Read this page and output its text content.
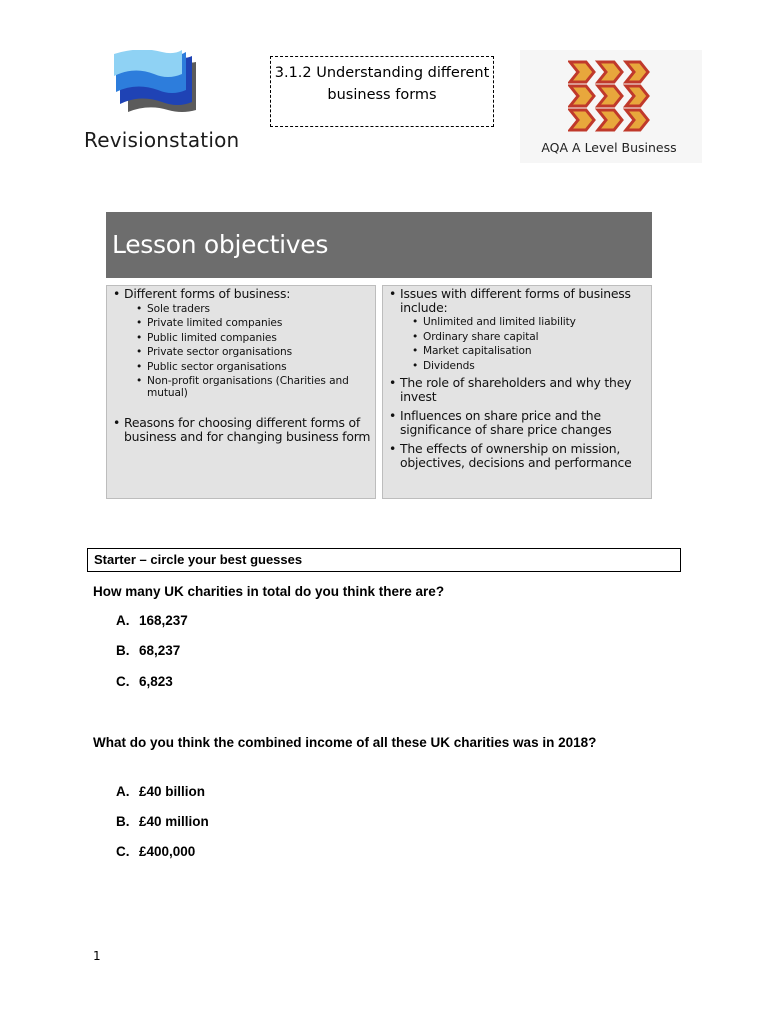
Revisionstation
3.1.2 Understanding different business forms
AQA A Level Business
Lesson objectives
• Different forms of business:
• Sole traders
• Private limited companies
• Public limited companies
• Private sector organisations
• Public sector organisations
• Non-profit organisations (Charities and mutual)
• Reasons for choosing different forms of business and for changing business form
• Issues with different forms of business include:
• Unlimited and limited liability
• Ordinary share capital
• Market capitalisation
• Dividends
• The role of shareholders and why they invest
• Influences on share price and the significance of share price changes
• The effects of ownership on mission, objectives, decisions and performance
Starter – circle your best guesses
How many UK charities in total do you think there are?
A. 168,237
B. 68,237
C. 6,823
What do you think the combined income of all these UK charities was in 2018?
A. £40 billion
B. £40 million
C. £400,000
1
